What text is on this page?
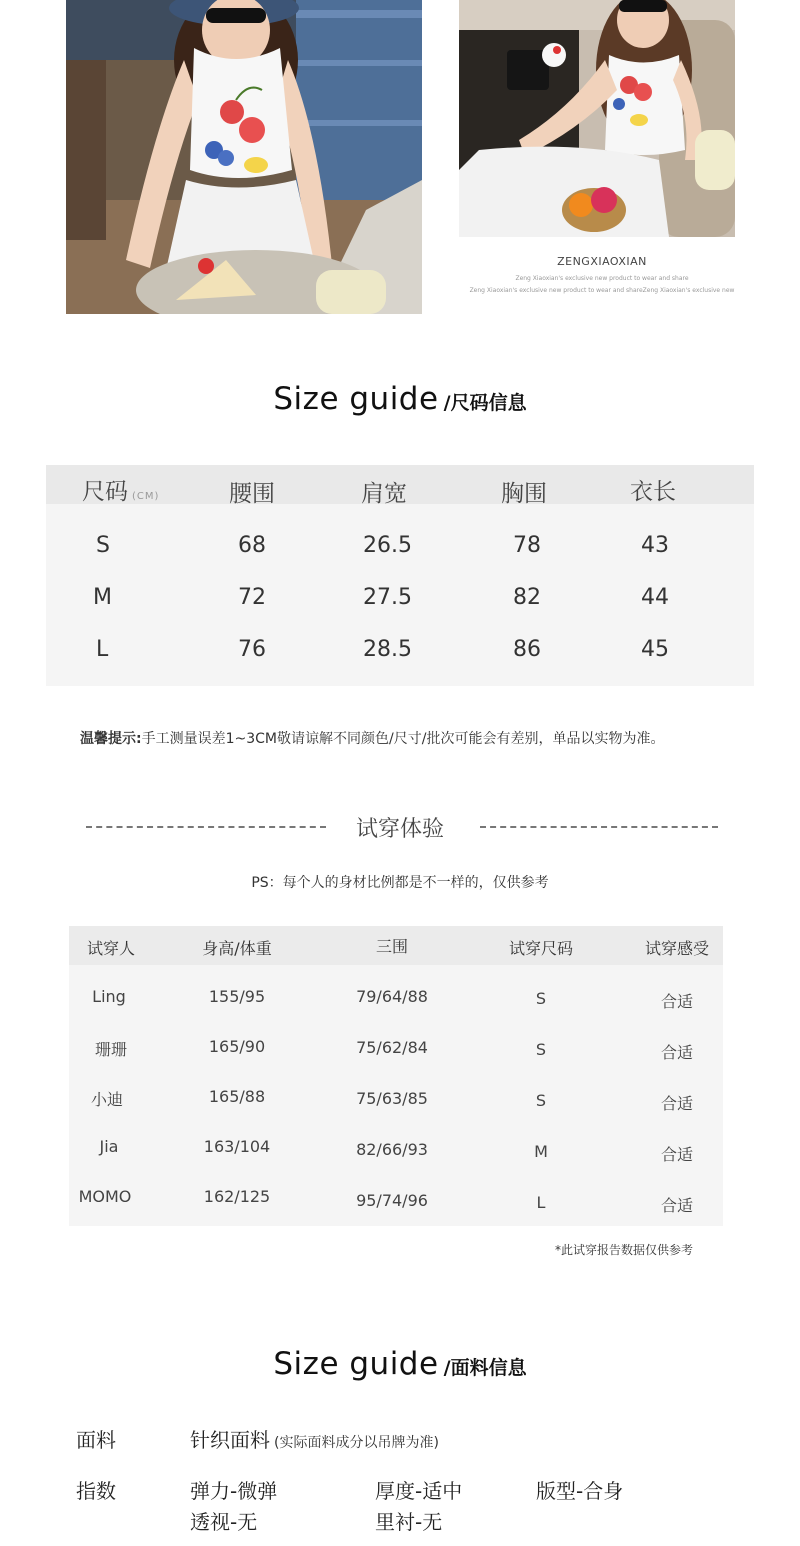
ZENGXIAOXIAN
Zeng Xiaoxian's exclusive new product to wear and share
Zeng Xiaoxian's exclusive new product to wear and shareZeng Xiaoxian's exclusive new
Size guide /尺码信息
尺码 (CM)	腰围	肩宽	胸围	衣长
S	68	26.5	78	43
M	72	27.5	82	44
L	76	28.5	86	45
温馨提示:手工测量误差1~3CM敬请谅解不同颜色/尺寸/批次可能会有差别，单品以实物为准。
试穿体验
PS：每个人的身材比例都是不一样的，仅供参考
试穿人	身高/体重	三围	试穿尺码	试穿感受
Ling	155/95	79/64/88	S	合适
珊珊	165/90	75/62/84	S	合适
小迪	165/88	75/63/85	S	合适
Jia	163/104	82/66/93	M	合适
MOMO	162/125	95/74/96	L	合适
*此试穿报告数据仅供参考
Size guide /面料信息
面料	针织面料 (实际面料成分以吊牌为准)
指数	弹力-微弹	厚度-适中	版型-合身
透视-无	里衬-无
